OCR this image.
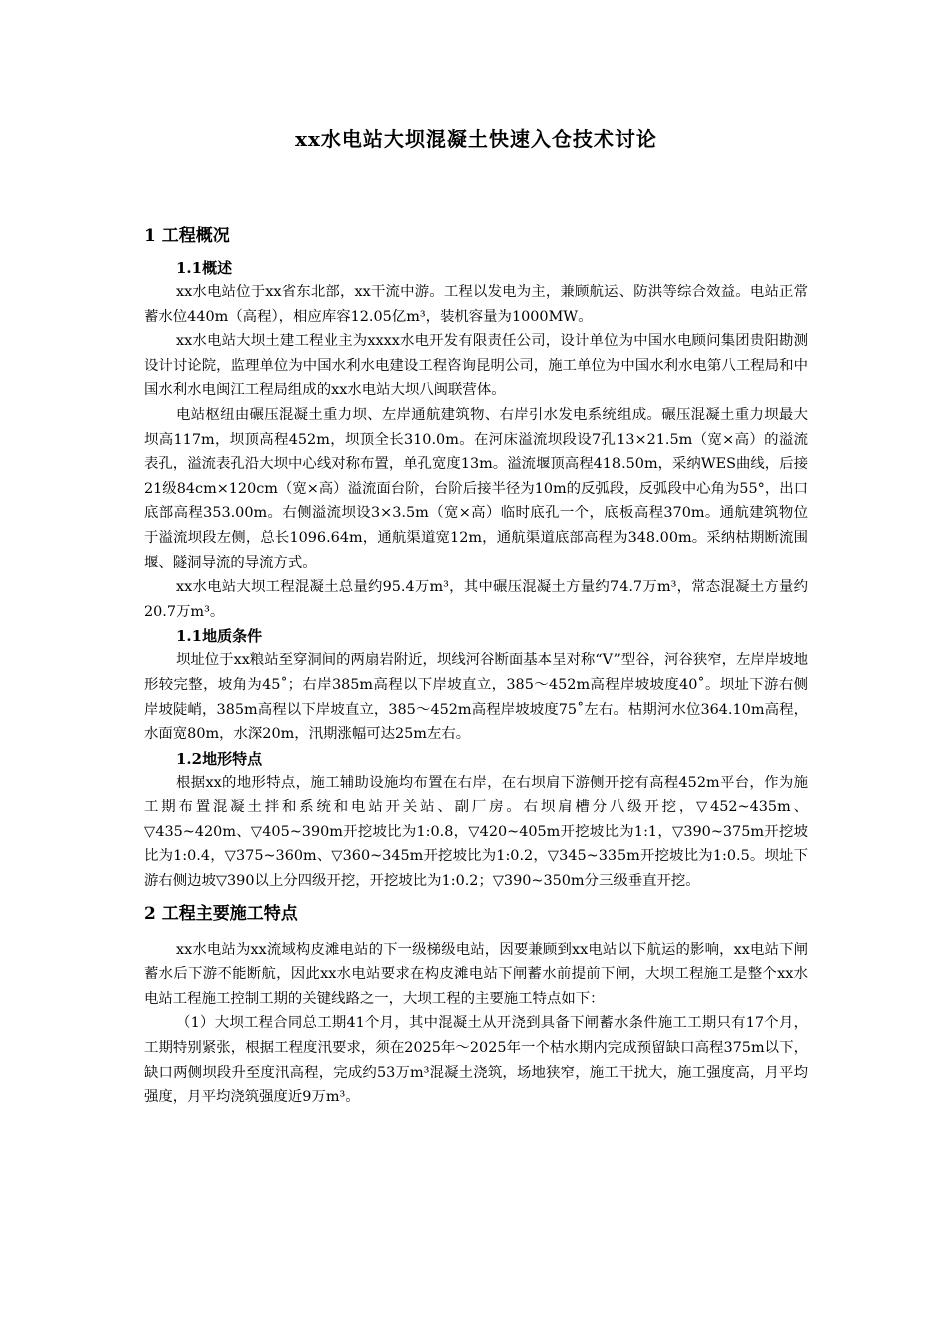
xx水电站大坝混凝土快速入仓技术讨论
1 工程概况
1.1概述

xx水电站位于xx省东北部，xx干流中游。工程以发电为主，兼顾航运、防洪等综合效益。电站正常蓄水位440m（高程），相应库容12.05亿m³，装机容量为1000MW。

xx水电站大坝土建工程业主为xxxx水电开发有限责任公司，设计单位为中国水电顾问集团贵阳勘测设计讨论院，监理单位为中国水利水电建设工程咨询昆明公司，施工单位为中国水利水电第八工程局和中国水利水电闽江工程局组成的xx水电站大坝八闽联营体。

电站枢纽由碾压混凝土重力坝、左岸通航建筑物、右岸引水发电系统组成。碾压混凝土重力坝最大坝高117m，坝顶高程452m，坝顶全长310.0m。在河床溢流坝段设7孔13×21.5m（宽×高）的溢流表孔，溢流表孔沿大坝中心线对称布置，单孔宽度13m。溢流堰顶高程418.50m，采纳WES曲线，后接21级84cm×120cm（宽×高）溢流面台阶，台阶后接半径为10m的反弧段，反弧段中心角为55°，出口底部高程353.00m。右侧溢流坝设3×3.5m（宽×高）临时底孔一个，底板高程370m。通航建筑物位于溢流坝段左侧，总长1096.64m，通航渠道宽12m，通航渠道底部高程为348.00m。采纳枯期断流围堰、隧洞导流的导流方式。

xx水电站大坝工程混凝土总量约95.4万m³，其中碾压混凝土方量约74.7万m³，常态混凝土方量约20.7万m³。

1.1地质条件

坝址位于xx粮站至穿洞间的两扇岩附近，坝线河谷断面基本呈对称“V”型谷，河谷狭窄，左岸岸坡地形较完整，坡角为45˚；右岸385m高程以下岸坡直立，385～452m高程岸坡坡度40˚。坝址下游右侧岸坡陡峭，385m高程以下岸坡直立，385～452m高程岸坡坡度75˚左右。枯期河水位364.10m高程，水面宽80m，水深20m，汛期涨幅可达25m左右。

1.2地形特点

根据xx的地形特点，施工辅助设施均布置在右岸，在右坝肩下游侧开挖有高程452m平台，作为施工期布置混凝土拌和系统和电站开关站、副厂房。右坝肩槽分八级开挖，▽452~435m、▽435~420m、▽405~390m开挖坡比为1:0.8，▽420~405m开挖坡比为1:1，▽390~375m开挖坡比为1:0.4，▽375~360m、▽360~345m开挖坡比为1:0.2，▽345~335m开挖坡比为1:0.5。坝址下游右侧边坡▽390以上分四级开挖，开挖坡比为1:0.2；▽390~350m分三级垂直开挖。

2 工程主要施工特点

xx水电站为xx流域构皮滩电站的下一级梯级电站，因要兼顾到xx电站以下航运的影响，xx电站下闸蓄水后下游不能断航，因此xx水电站要求在构皮滩电站下闸蓄水前提前下闸，大坝工程施工是整个xx水电站工程施工控制工期的关键线路之一，大坝工程的主要施工特点如下：

（1）大坝工程合同总工期41个月，其中混凝土从开浇到具备下闸蓄水条件施工工期只有17个月，工期特别紧张，根据工程度汛要求，须在2025年～2025年一个枯水期内完成预留缺口高程375m以下，缺口两侧坝段升至度汛高程，完成约53万m³混凝土浇筑，场地狭窄，施工干扰大，施工强度高，月平均强度，月平均浇筑强度近9万m³。
